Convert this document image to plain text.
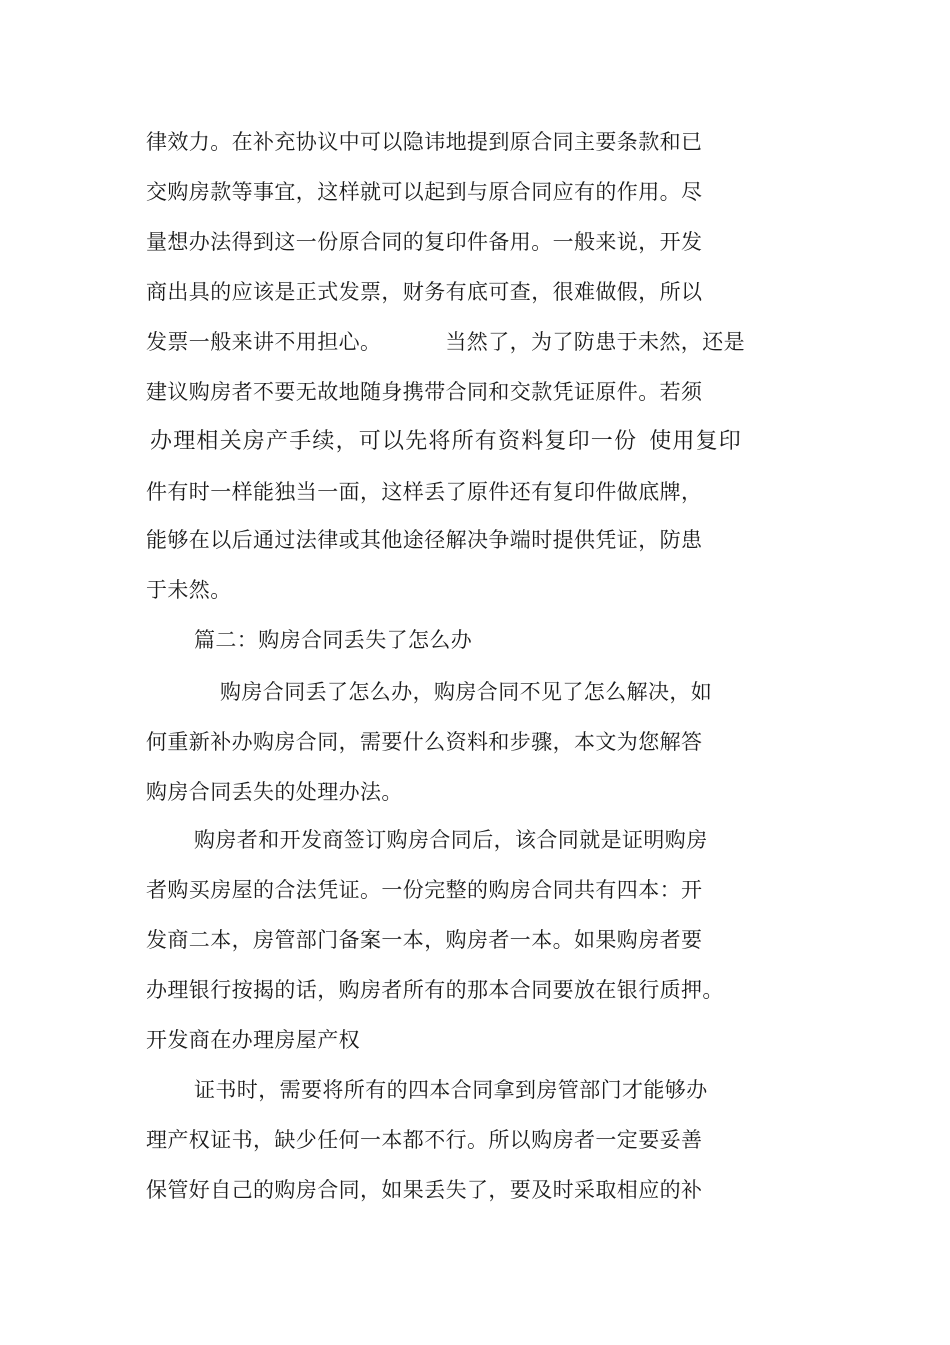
律效力。在补充协议中可以隐讳地提到原合同主要条款和已
交购房款等事宜，这样就可以起到与原合同应有的作用。尽
量想办法得到这一份原合同的复印件备用。一般来说，开发
商出具的应该是正式发票，财务有底可查，很难做假，所以
发票一般来讲不用担心。	当然了，为了防患于未然，还是
建议购房者不要无故地随身携带合同和交款凭证原件。若须
办理相关房产手续，可以先将所有资料复印一份 使用复印
件有时一样能独当一面，这样丢了原件还有复印件做底牌，
能够在以后通过法律或其他途径解决争端时提供凭证，防患
于未然。
篇二：购房合同丢失了怎么办
购房合同丢了怎么办，购房合同不见了怎么解决，如
何重新补办购房合同，需要什么资料和步骤，本文为您解答
购房合同丢失的处理办法。
购房者和开发商签订购房合同后，该合同就是证明购房
者购买房屋的合法凭证。一份完整的购房合同共有四本：开
发商二本，房管部门备案一本，购房者一本。如果购房者要
办理银行按揭的话，购房者所有的那本合同要放在银行质押。
开发商在办理房屋产权
证书时，需要将所有的四本合同拿到房管部门才能够办
理产权证书，缺少任何一本都不行。所以购房者一定要妥善
保管好自己的购房合同，如果丢失了，要及时采取相应的补
